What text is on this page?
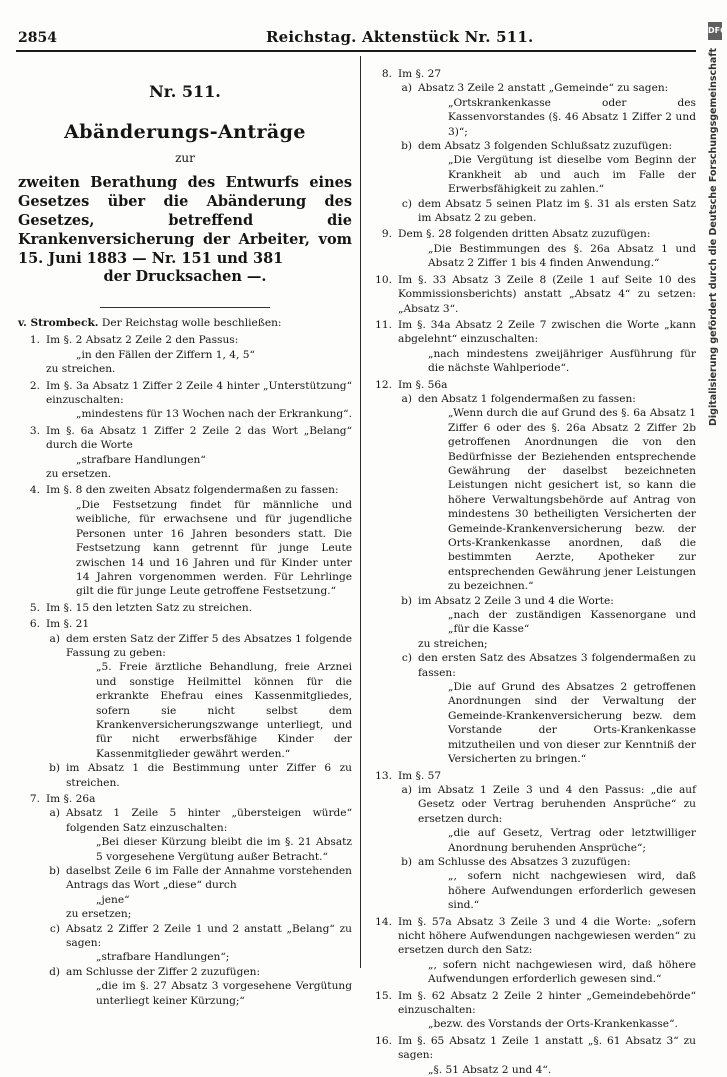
2854	Reichstag. Aktenstück Nr. 511.	DFG
Digitalisierung gefördert durch die Deutsche Forschungsgemeinschaft
Nr. 511.
Abänderungs-Anträge
zur
zweiten Berathung des Entwurfs eines Gesetzes über die Abänderung des Gesetzes, betreffend die Krankenversicherung der Arbeiter, vom 15. Juni 1883 — Nr. 151 und 381
der Drucksachen —.
v. Strombeck. Der Reichstag wolle beschließen:
1. Im §. 2 Absatz 2 Zeile 2 den Passus:
„in den Fällen der Ziffern 1, 4, 5“
zu streichen.
2. Im §. 3a Absatz 1 Ziffer 2 Zeile 4 hinter „Unterstützung“ einzuschalten:
„mindestens für 13 Wochen nach der Erkrankung“.
3. Im §. 6a Absatz 1 Ziffer 2 Zeile 2 das Wort „Belang“ durch die Worte
„strafbare Handlungen“
zu ersetzen.
4. Im §. 8 den zweiten Absatz folgendermaßen zu fassen:
„Die Festsetzung findet für männliche und weibliche, für erwachsene und für jugendliche Personen unter 16 Jahren besonders statt. Die Festsetzung kann getrennt für junge Leute zwischen 14 und 16 Jahren und für Kinder unter 14 Jahren vorgenommen werden. Für Lehrlinge gilt die für junge Leute getroffene Festsetzung.“
5. Im §. 15 den letzten Satz zu streichen.
6. Im §. 21
a) dem ersten Satz der Ziffer 5 des Absatzes 1 folgende Fassung zu geben:
„5. Freie ärztliche Behandlung, freie Arznei und sonstige Heilmittel können für die erkrankte Ehefrau eines Kassenmitgliedes, sofern sie nicht selbst dem Krankenversicherungszwange unterliegt, und für nicht erwerbsfähige Kinder der Kassenmitglieder gewährt werden.“
b) im Absatz 1 die Bestimmung unter Ziffer 6 zu streichen.
7. Im §. 26a
a) Absatz 1 Zeile 5 hinter „übersteigen würde“ folgenden Satz einzuschalten:
„Bei dieser Kürzung bleibt die im §. 21 Absatz 5 vorgesehene Vergütung außer Betracht.“
b) daselbst Zeile 6 im Falle der Annahme vorstehenden Antrags das Wort „diese“ durch
„jene“
zu ersetzen;
c) Absatz 2 Ziffer 2 Zeile 1 und 2 anstatt „Belang“ zu sagen:
„strafbare Handlungen“;
d) am Schlusse der Ziffer 2 zuzufügen:
„die im §. 27 Absatz 3 vorgesehene Vergütung unterliegt keiner Kürzung;“
8. Im §. 27
a) Absatz 3 Zeile 2 anstatt „Gemeinde“ zu sagen:
„Ortskrankenkasse oder des Kassenvorstandes (§. 46 Absatz 1 Ziffer 2 und 3)“;
b) dem Absatz 3 folgenden Schlußsatz zuzufügen:
„Die Vergütung ist dieselbe vom Beginn der Krankheit ab und auch im Falle der Erwerbsfähigkeit zu zahlen.“
c) dem Absatz 5 seinen Platz im §. 31 als ersten Satz im Absatz 2 zu geben.
9. Dem §. 28 folgenden dritten Absatz zuzufügen:
„Die Bestimmungen des §. 26a Absatz 1 und Absatz 2 Ziffer 1 bis 4 finden Anwendung.“
10. Im §. 33 Absatz 3 Zeile 8 (Zeile 1 auf Seite 10 des Kommissionsberichts) anstatt „Absatz 4“ zu setzen: „Absatz 3“.
11. Im §. 34a Absatz 2 Zeile 7 zwischen die Worte „kann abgelehnt“ einzuschalten:
„nach mindestens zweijähriger Ausführung für die nächste Wahlperiode“.
12. Im §. 56a
a) den Absatz 1 folgendermaßen zu fassen:
„Wenn durch die auf Grund des §. 6a Absatz 1 Ziffer 6 oder des §. 26a Absatz 2 Ziffer 2b getroffenen Anordnungen die von den Bedürfnisse der Beziehenden entsprechende Gewährung der daselbst bezeichneten Leistungen nicht gesichert ist, so kann die höhere Verwaltungsbehörde auf Antrag von mindestens 30 betheiligten Versicherten der Gemeinde-Krankenversicherung bezw. der Orts-Krankenkasse anordnen, daß die bestimmten Aerzte, Apotheker zur entsprechenden Gewährung jener Leistungen zu bezeichnen.“
b) im Absatz 2 Zeile 3 und 4 die Worte:
„nach der zuständigen Kassenorgane und „für die Kasse“
zu streichen;
c) den ersten Satz des Absatzes 3 folgendermaßen zu fassen:
„Die auf Grund des Absatzes 2 getroffenen Anordnungen sind der Verwaltung der Gemeinde-Krankenversicherung bezw. dem Vorstande der Orts-Krankenkasse mitzutheilen und von dieser zur Kenntniß der Versicherten zu bringen.“
13. Im §. 57
a) im Absatz 1 Zeile 3 und 4 den Passus: „die auf Gesetz oder Vertrag beruhenden Ansprüche“ zu ersetzen durch:
„die auf Gesetz, Vertrag oder letztwilliger Anordnung beruhenden Ansprüche“;
b) am Schlusse des Absatzes 3 zuzufügen:
„, sofern nicht nachgewiesen wird, daß höhere Aufwendungen erforderlich gewesen sind.“
14. Im §. 57a Absatz 3 Zeile 3 und 4 die Worte: „sofern nicht höhere Aufwendungen nachgewiesen werden“ zu ersetzen durch den Satz:
„, sofern nicht nachgewiesen wird, daß höhere Aufwendungen erforderlich gewesen sind.“
15. Im §. 62 Absatz 2 Zeile 2 hinter „Gemeindebehörde“ einzuschalten:
„bezw. des Vorstands der Orts-Krankenkasse“.
16. Im §. 65 Absatz 1 Zeile 1 anstatt „§. 61 Absatz 3“ zu sagen:
„§. 51 Absatz 2 und 4“.
